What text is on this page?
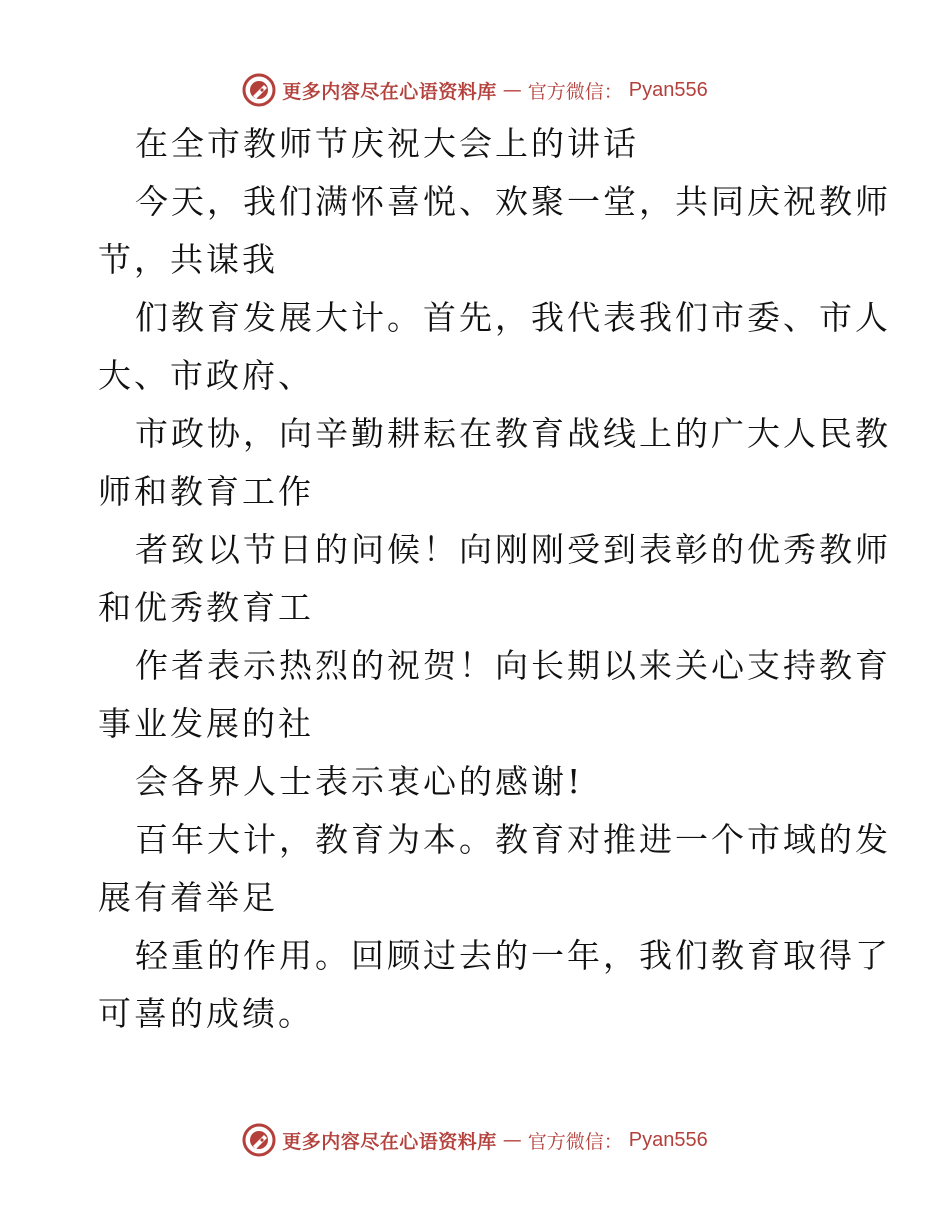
更多内容尽在心语资料库 — 官方微信： Pyan556
在全市教师节庆祝大会上的讲话
今天，我们满怀喜悦、欢聚一堂，共同庆祝教师
节，共谋我
们教育发展大计。首先，我代表我们市委、市人
大、市政府、
市政协，向辛勤耕耘在教育战线上的广大人民教
师和教育工作
者致以节日的问候！向刚刚受到表彰的优秀教师
和优秀教育工
作者表示热烈的祝贺！向长期以来关心支持教育
事业发展的社
会各界人士表示衷心的感谢!
百年大计，教育为本。教育对推进一个市域的发
展有着举足
轻重的作用。回顾过去的一年，我们教育取得了
可喜的成绩。
更多内容尽在心语资料库 — 官方微信： Pyan556
